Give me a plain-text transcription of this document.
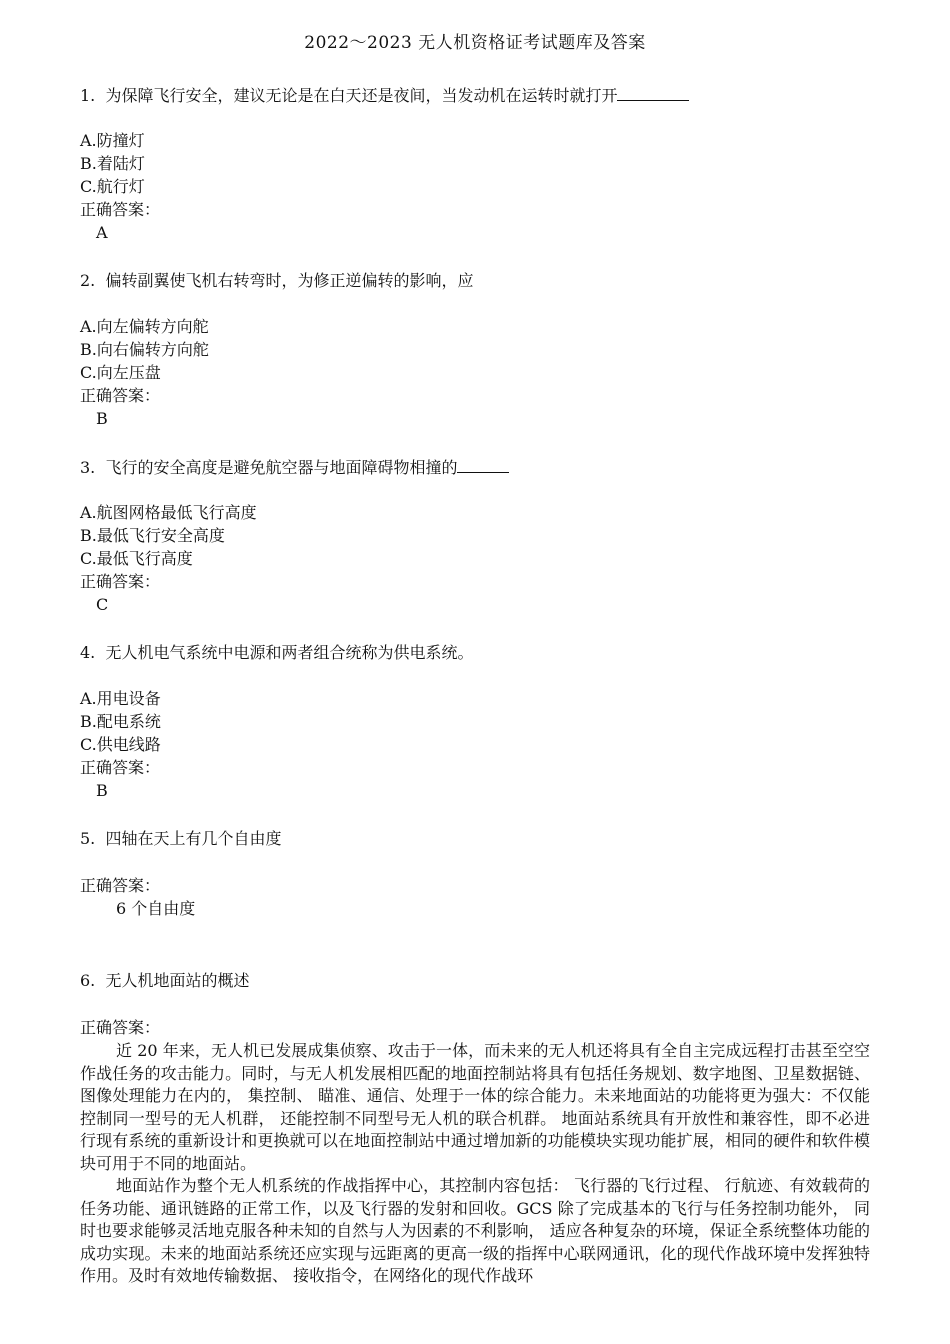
2022～2023 无人机资格证考试题库及答案
1. 为保障飞行安全，建议无论是在白天还是夜间，当发动机在运转时就打开
A.防撞灯
B.着陆灯
C.航行灯
正确答案：
A
2. 偏转副翼使飞机右转弯时，为修正逆偏转的影响，应
A.向左偏转方向舵
B.向右偏转方向舵
C.向左压盘
正确答案：
B
3. 飞行的安全高度是避免航空器与地面障碍物相撞的
A.航图网格最低飞行高度
B.最低飞行安全高度
C.最低飞行高度
正确答案：
C
4. 无人机电气系统中电源和两者组合统称为供电系统。
A.用电设备
B.配电系统
C.供电线路
正确答案：
B
5. 四轴在天上有几个自由度
正确答案：
6 个自由度
6. 无人机地面站的概述
正确答案：
近 20 年来，无人机已发展成集侦察、攻击于一体，而未来的无人机还将具有全自主完成远程打击甚至空空作战任务的攻击能力。同时，与无人机发展相匹配的地面控制站将具有包括任务规划、数字地图、卫星数据链、图像处理能力在内的， 集控制、 瞄准、通信、处理于一体的综合能力。未来地面站的功能将更为强大：不仅能控制同一型号的无人机群， 还能控制不同型号无人机的联合机群。 地面站系统具有开放性和兼容性，即不必进行现有系统的重新设计和更换就可以在地面控制站中通过增加新的功能模块实现功能扩展，相同的硬件和软件模块可用于不同的地面站。
地面站作为整个无人机系统的作战指挥中心，其控制内容包括： 飞行器的飞行过程、 行航迹、有效载荷的任务功能、通讯链路的正常工作，以及飞行器的发射和回收。GCS 除了完成基本的飞行与任务控制功能外， 同时也要求能够灵活地克服各种未知的自然与人为因素的不利影响， 适应各种复杂的环境，保证全系统整体功能的成功实现。未来的地面站系统还应实现与远距离的更高一级的指挥中心联网通讯，化的现代作战环境中发挥独特作用。及时有效地传输数据、 接收指令，在网络化的现代作战环
